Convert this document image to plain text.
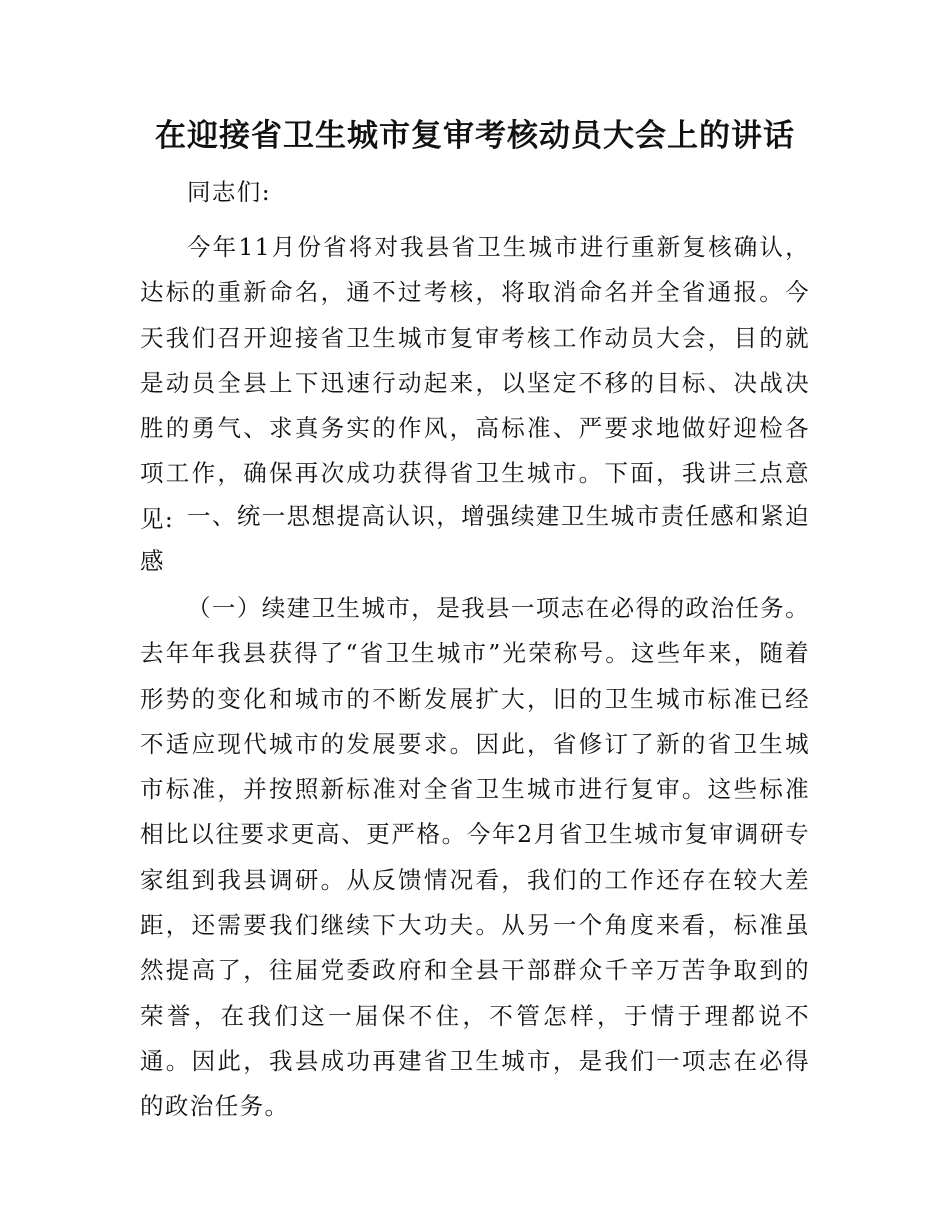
在迎接省卫生城市复审考核动员大会上的讲话

同志们:

今年11月份省将对我县省卫生城市进行重新复核确认，达标的重新命名，通不过考核，将取消命名并全省通报。今天我们召开迎接省卫生城市复审考核工作动员大会，目的就是动员全县上下迅速行动起来，以坚定不移的目标、决战决胜的勇气、求真务实的作风，高标准、严要求地做好迎检各项工作，确保再次成功获得省卫生城市。下面，我讲三点意见: 一、统一思想提高认识，增强续建卫生城市责任感和紧迫感

（一）续建卫生城市，是我县一项志在必得的政治任务。去年年我县获得了“省卫生城市”光荣称号。这些年来，随着形势的变化和城市的不断发展扩大，旧的卫生城市标准已经不适应现代城市的发展要求。因此，省修订了新的省卫生城市标准，并按照新标准对全省卫生城市进行复审。这些标准相比以往要求更高、更严格。今年2月省卫生城市复审调研专家组到我县调研。从反馈情况看，我们的工作还存在较大差距，还需要我们继续下大功夫。从另一个角度来看，标准虽然提高了，往届党委政府和全县干部群众千辛万苦争取到的荣誉，在我们这一届保不住，不管怎样，于情于理都说不通。因此，我县成功再建省卫生城市，是我们一项志在必得的政治任务。
